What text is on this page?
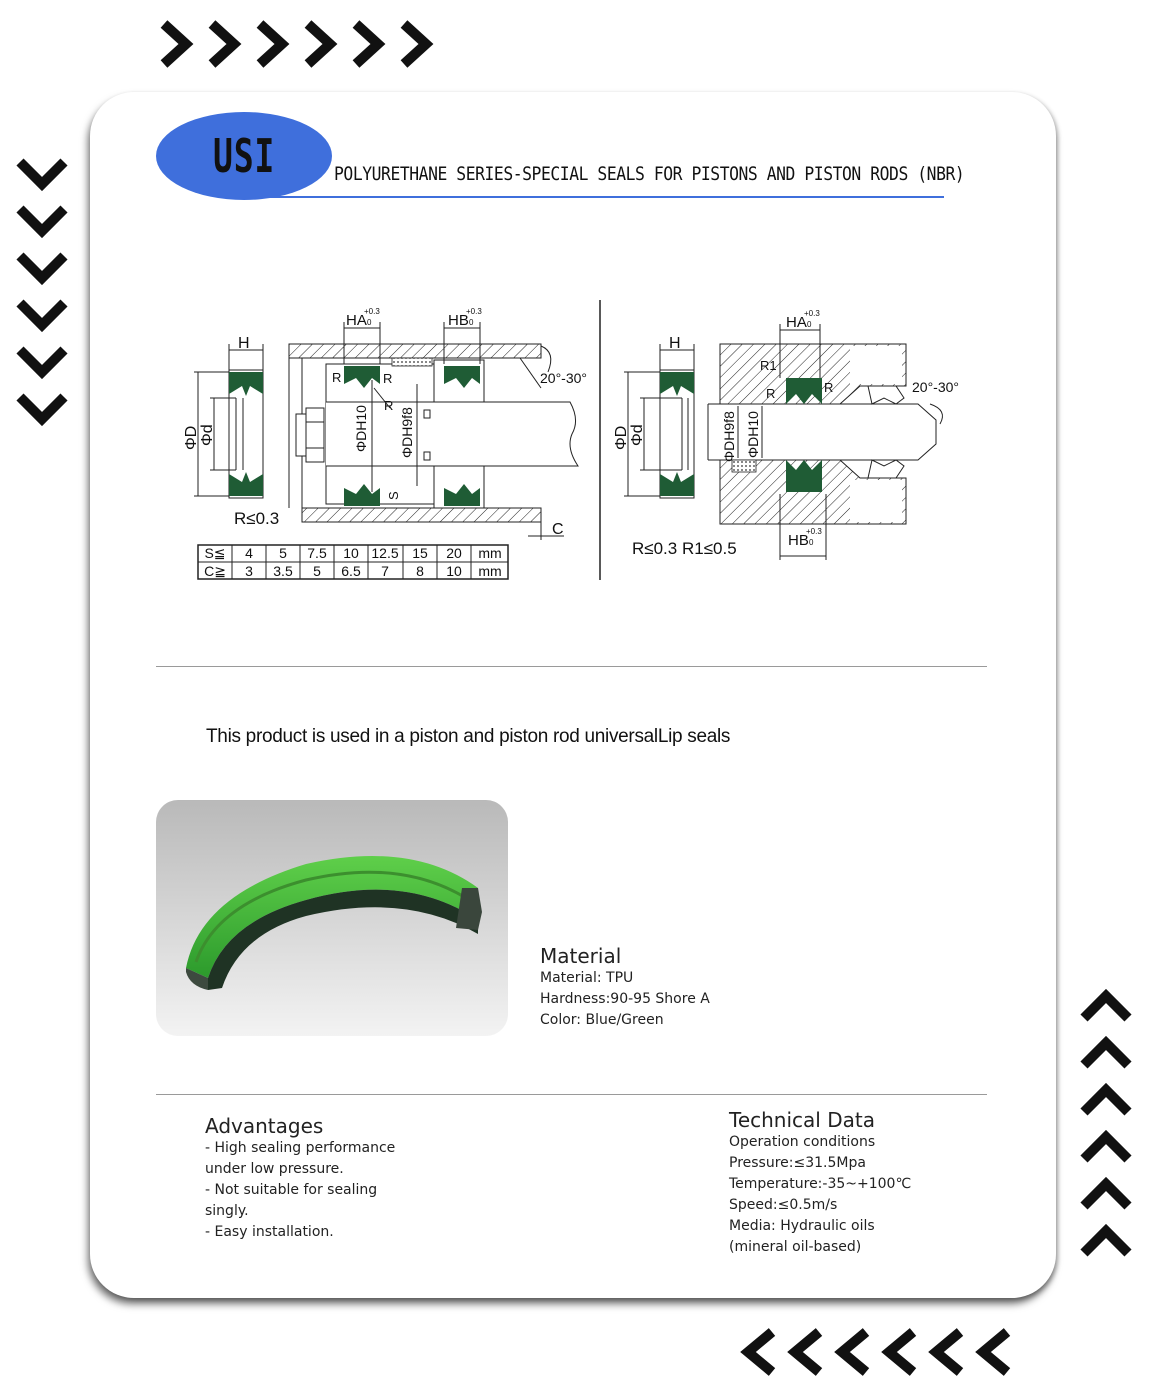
USI	POLYURETHANE SERIES-SPECIAL SEALS FOR PISTONS AND PISTON RODS (NBR)
H
ΦD Φd
R≤0.3
HA
+0.3
0	HB
+0.3
0
ΦDH10 ΦDH9f8
R	R
R
S
20°-30°
C
S≦ 4 5 7.5 10 12.5 15 20 mm
C≧ 3 3.5 5 6.5 7 8 10 mm
H
ΦD Φd
HA
+0.3
0
HB
+0.3
0
ΦDH9f8 ΦDH10
R1
R
R	20°-30°
R≤0.3 R1≤0.5
This product is used in a piston and piston rod universalLip seals
Material
Material: TPU
Hardness:90-95 Shore A
Color: Blue/Green
Advantages
- High sealing performance
under low pressure.
- Not suitable for sealing
singly.
- Easy installation.
Technical Data
Operation conditions
Pressure:≤31.5Mpa
Temperature:-35~+100℃
Speed:≤0.5m/s
Media: Hydraulic oils
(mineral oil-based)
